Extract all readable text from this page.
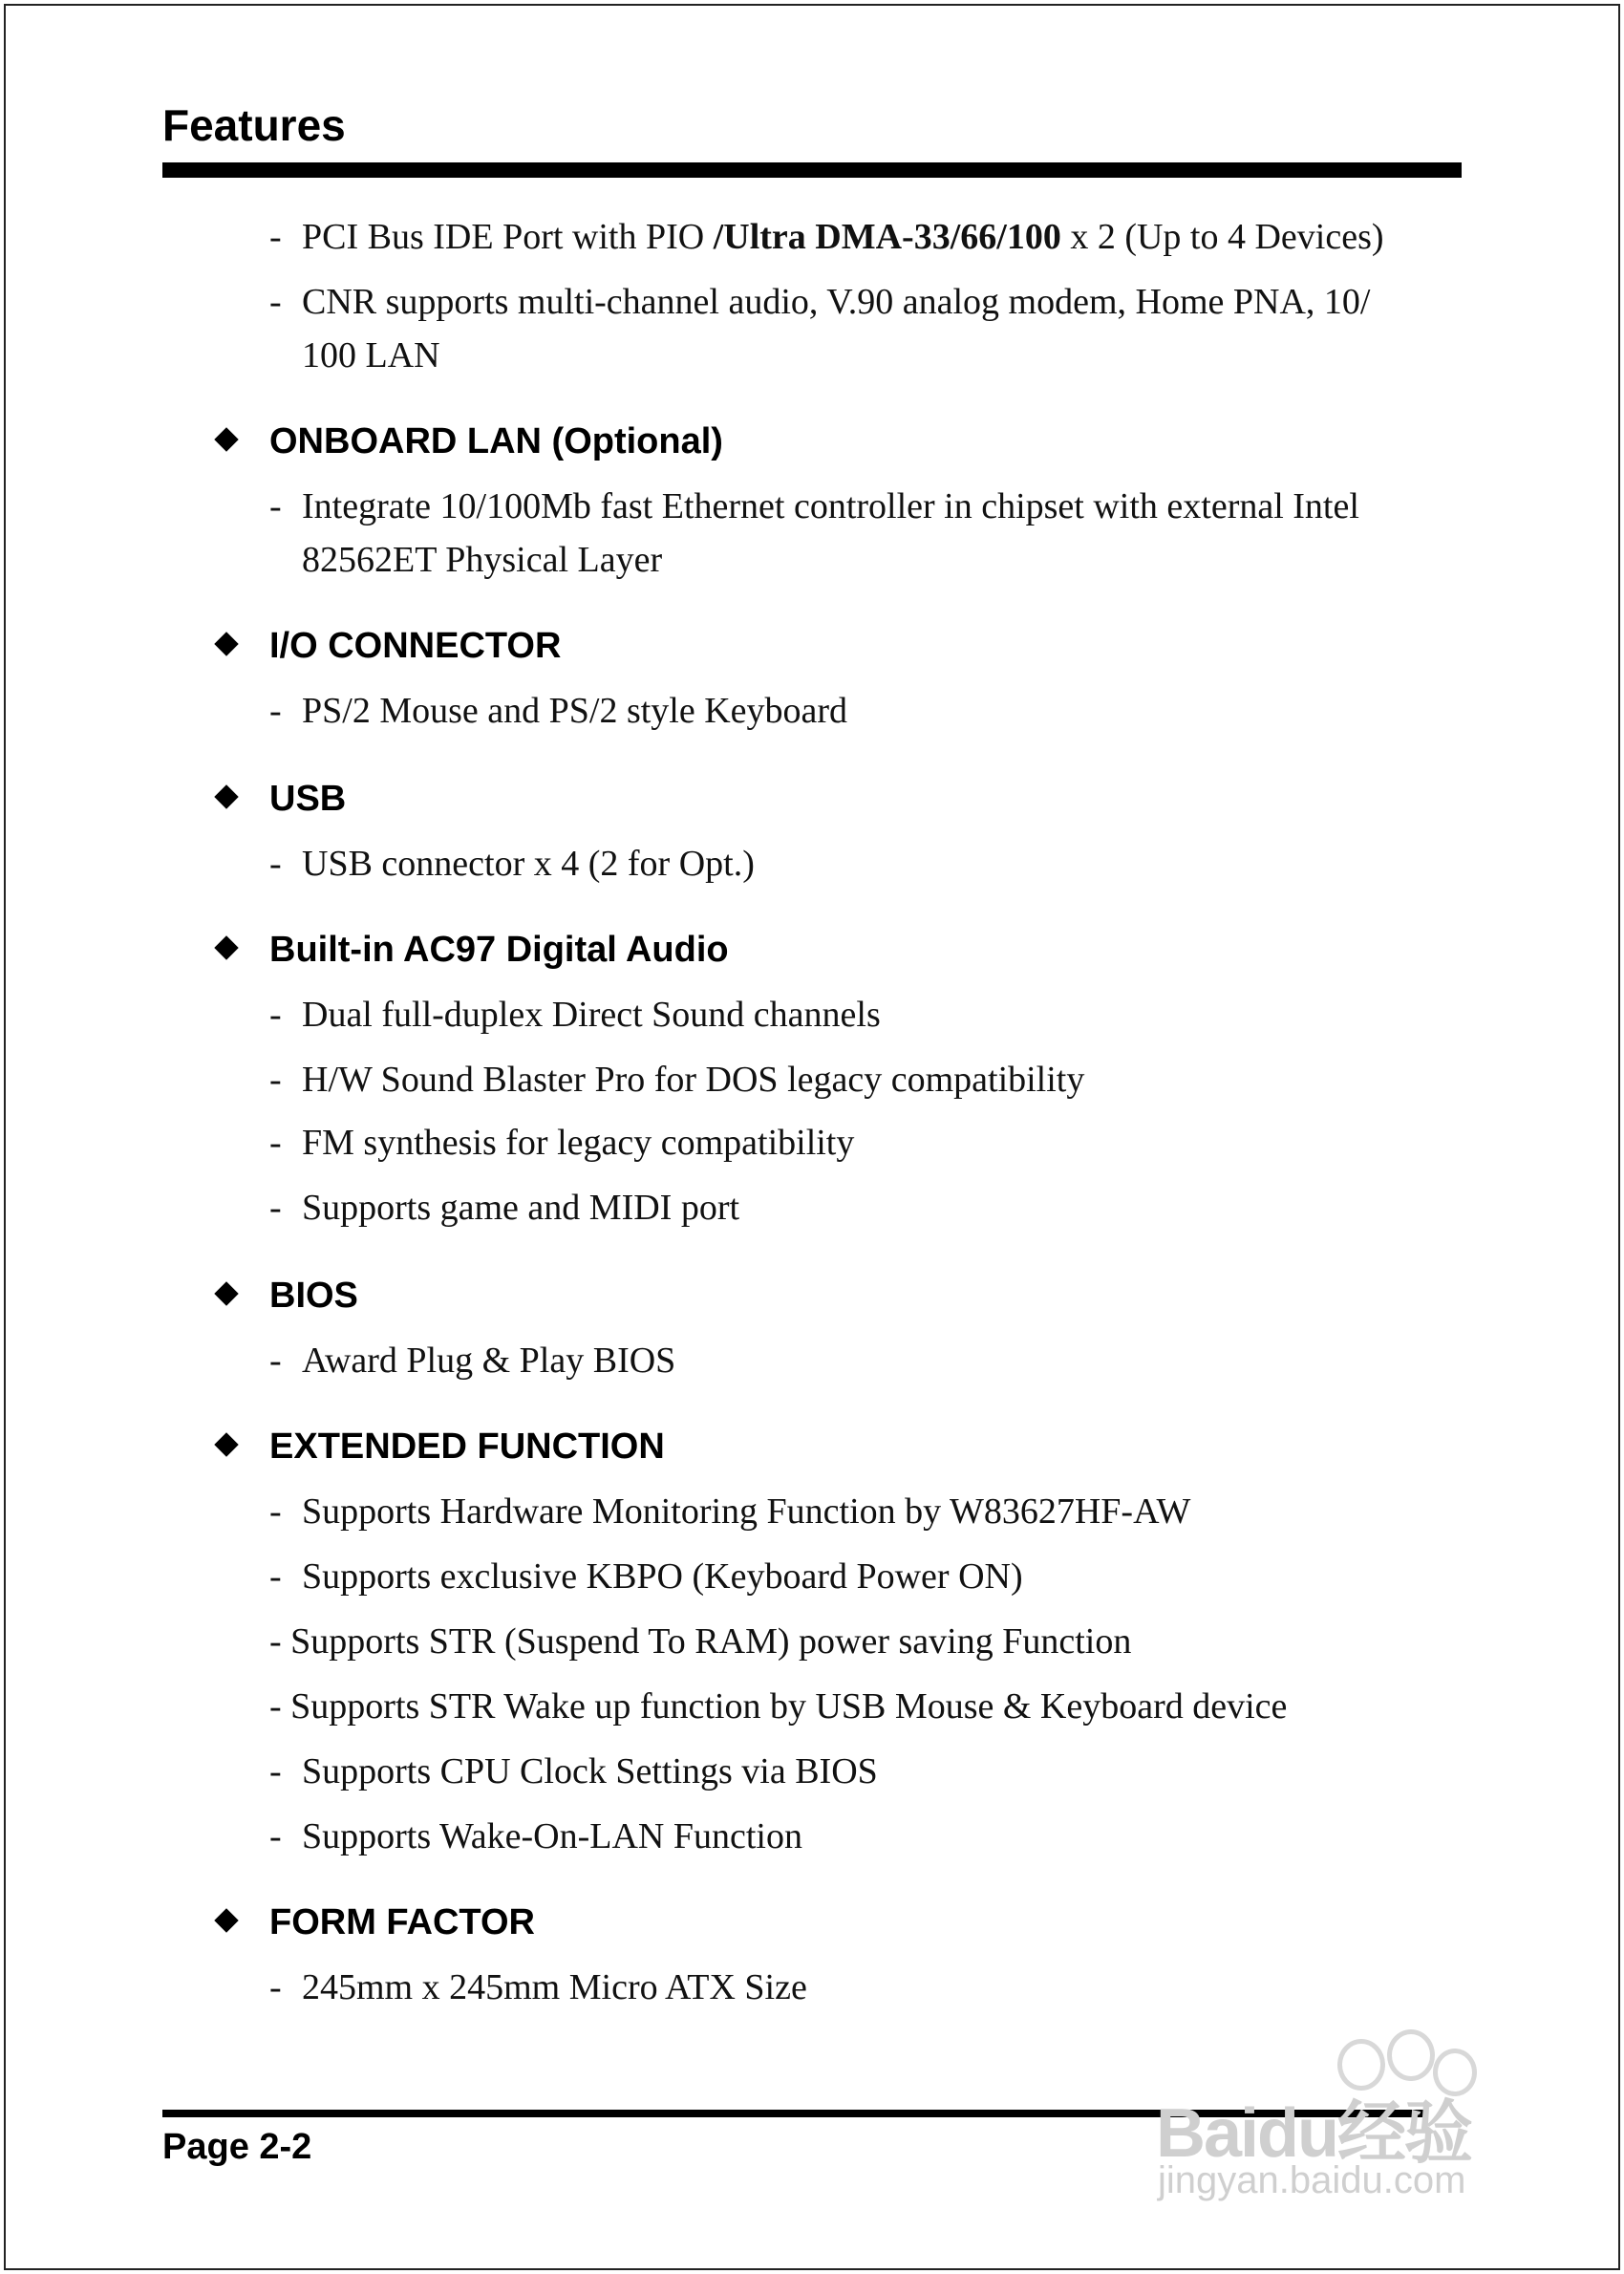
Features
- PCI Bus IDE Port with PIO /Ultra DMA-33/66/100 x 2 (Up to 4 Devices)
- CNR supports multi-channel audio, V.90 analog modem, Home PNA, 10/
100 LAN
ONBOARD LAN (Optional)
- Integrate 10/100Mb fast Ethernet controller in chipset with external Intel
82562ET Physical Layer
I/O CONNECTOR
- PS/2 Mouse and PS/2 style Keyboard
USB
- USB connector x 4 (2 for Opt.)
Built-in AC97 Digital Audio
- Dual full-duplex Direct Sound channels
- H/W Sound Blaster Pro for DOS legacy compatibility
- FM synthesis for legacy compatibility
- Supports game and MIDI port
BIOS
- Award Plug & Play BIOS
EXTENDED FUNCTION
- Supports Hardware Monitoring Function by W83627HF-AW
- Supports exclusive KBPO (Keyboard Power ON)
- Supports STR (Suspend To RAM) power saving Function
- Supports STR Wake up function by USB Mouse & Keyboard device
- Supports CPU Clock Settings via BIOS
- Supports Wake-On-LAN Function
FORM FACTOR
- 245mm x 245mm Micro ATX Size
Page 2-2	Baidu经验
jingyan.baidu.com
